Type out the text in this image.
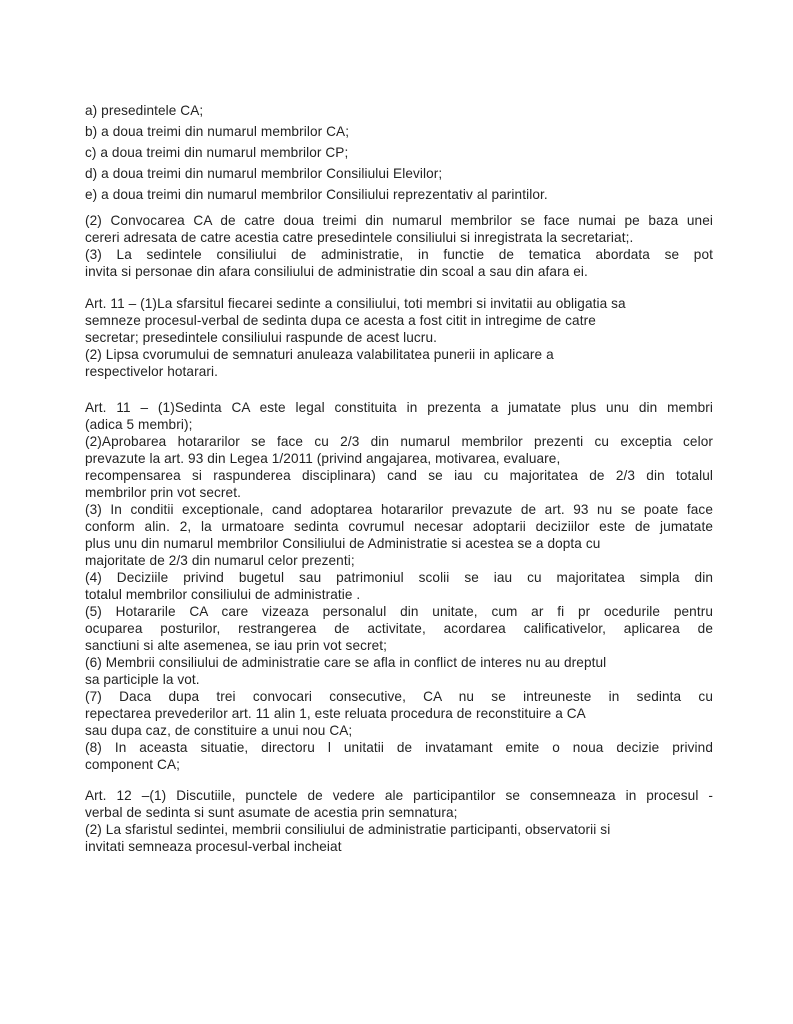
a) presedintele CA;
b) a doua treimi din numarul membrilor CA;
c) a doua treimi din numarul membrilor CP;
d) a doua treimi din numarul membrilor Consiliului Elevilor;
e) a doua treimi din numarul membrilor Consiliului reprezentativ al parintilor.
(2) Convocarea CA de catre doua treimi din numarul membrilor se face numai pe baza unei
cereri adresata de catre acestia catre presedintele consiliului si inregistrata la secretariat;.
(3) La sedintele consiliului de administratie, in functie de tematica abordata se pot
invita si personae din afara consiliului de administratie din scoal a sau din afara ei.
Art. 11 – (1)La sfarsitul fiecarei sedinte a consiliului, toti membri si invitatii au obligatia sa
semneze procesul-verbal de sedinta dupa ce acesta a fost citit in intregime de catre
secretar; presedintele consiliului raspunde de acest lucru.
(2) Lipsa cvorumului de semnaturi anuleaza valabilitatea punerii in aplicare a
respectivelor hotarari.
Art. 11 – (1)Sedinta CA este legal constituita in prezenta a jumatate plus unu din membri
(adica 5 membri);
(2)Aprobarea hotararilor se face cu 2/3 din numarul membrilor prezenti cu exceptia celor
prevazute la art. 93 din Legea 1/2011 (privind angajarea, motivarea, evaluare,
recompensarea si raspunderea disciplinara) cand se iau cu majoritatea de 2/3 din totalul
membrilor prin vot secret.
(3) In conditii exceptionale, cand adoptarea hotararilor prevazute de art. 93 nu se poate face
conform alin. 2, la urmatoare sedinta covrumul necesar adoptarii deciziilor este de jumatate
plus unu din numarul membrilor Consiliului de Administratie si acestea se a dopta cu
majoritate de 2/3 din numarul celor prezenti;
(4) Deciziile privind bugetul sau patrimoniul scolii se iau cu majoritatea simpla din
totalul membrilor consiliului de administratie .
(5) Hotararile CA care vizeaza personalul din unitate, cum ar fi pr ocedurile pentru
ocuparea posturilor, restrangerea de activitate, acordarea calificativelor, aplicarea de
sanctiuni si alte asemenea, se iau prin vot secret;
(6) Membrii consiliului de administratie care se afla in conflict de interes nu au dreptul
sa participle la vot.
(7) Daca dupa trei convocari consecutive, CA nu se intreuneste in sedinta cu
repectarea prevederilor art. 11 alin 1, este reluata procedura de reconstituire a CA
sau dupa caz, de constituire a unui nou CA;
(8) In aceasta situatie, directoru l unitatii de invatamant emite o noua decizie privind
component CA;
Art. 12 –(1) Discutiile, punctele de vedere ale participantilor se consemneaza in procesul -
verbal de sedinta si sunt asumate de acestia prin semnatura;
(2) La sfaristul sedintei, membrii consiliului de administratie participanti, observatorii si
invitati semneaza procesul-verbal incheiat
